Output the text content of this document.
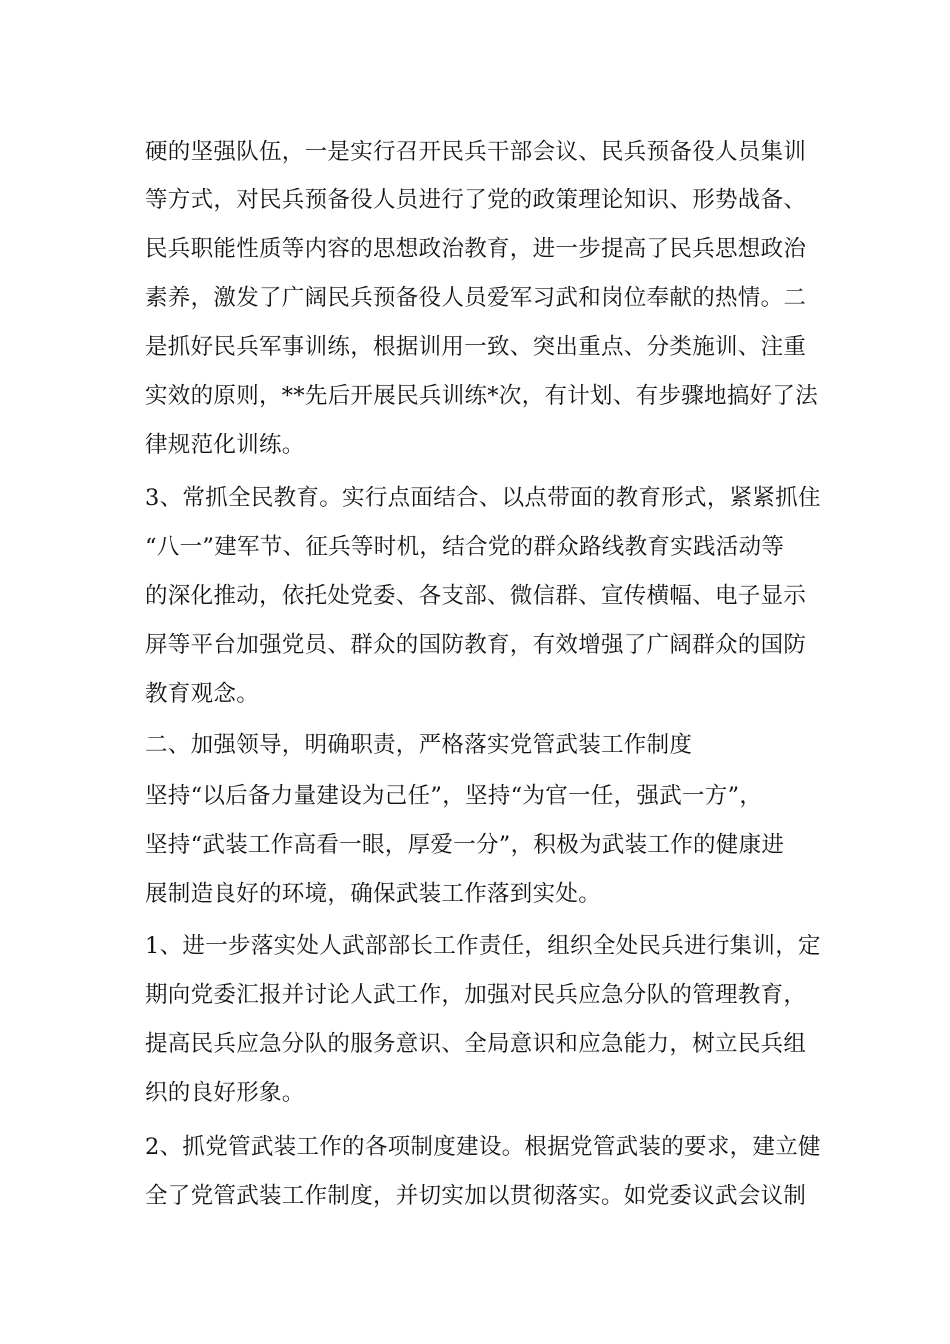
硬的坚强队伍，一是实行召开民兵干部会议、民兵预备役人员集训
等方式，对民兵预备役人员进行了党的政策理论知识、形势战备、
民兵职能性质等内容的思想政治教育，进一步提高了民兵思想政治
素养，激发了广阔民兵预备役人员爱军习武和岗位奉献的热情。二
是抓好民兵军事训练，根据训用一致、突出重点、分类施训、注重
实效的原则，**先后开展民兵训练*次，有计划、有步骤地搞好了法
律规范化训练。
3、常抓全民教育。实行点面结合、以点带面的教育形式，紧紧抓住
“八一”建军节、征兵等时机，结合党的群众路线教育实践活动等
的深化推动，依托处党委、各支部、微信群、宣传横幅、电子显示
屏等平台加强党员、群众的国防教育，有效增强了广阔群众的国防
教育观念。
二、加强领导，明确职责，严格落实党管武装工作制度
坚持“以后备力量建设为己任”，坚持“为官一任，强武一方”，
坚持“武装工作高看一眼，厚爱一分”，积极为武装工作的健康进
展制造良好的环境，确保武装工作落到实处。
1、进一步落实处人武部部长工作责任，组织全处民兵进行集训，定
期向党委汇报并讨论人武工作，加强对民兵应急分队的管理教育，
提高民兵应急分队的服务意识、全局意识和应急能力，树立民兵组
织的良好形象。
2、抓党管武装工作的各项制度建设。根据党管武装的要求，建立健
全了党管武装工作制度，并切实加以贯彻落实。如党委议武会议制
